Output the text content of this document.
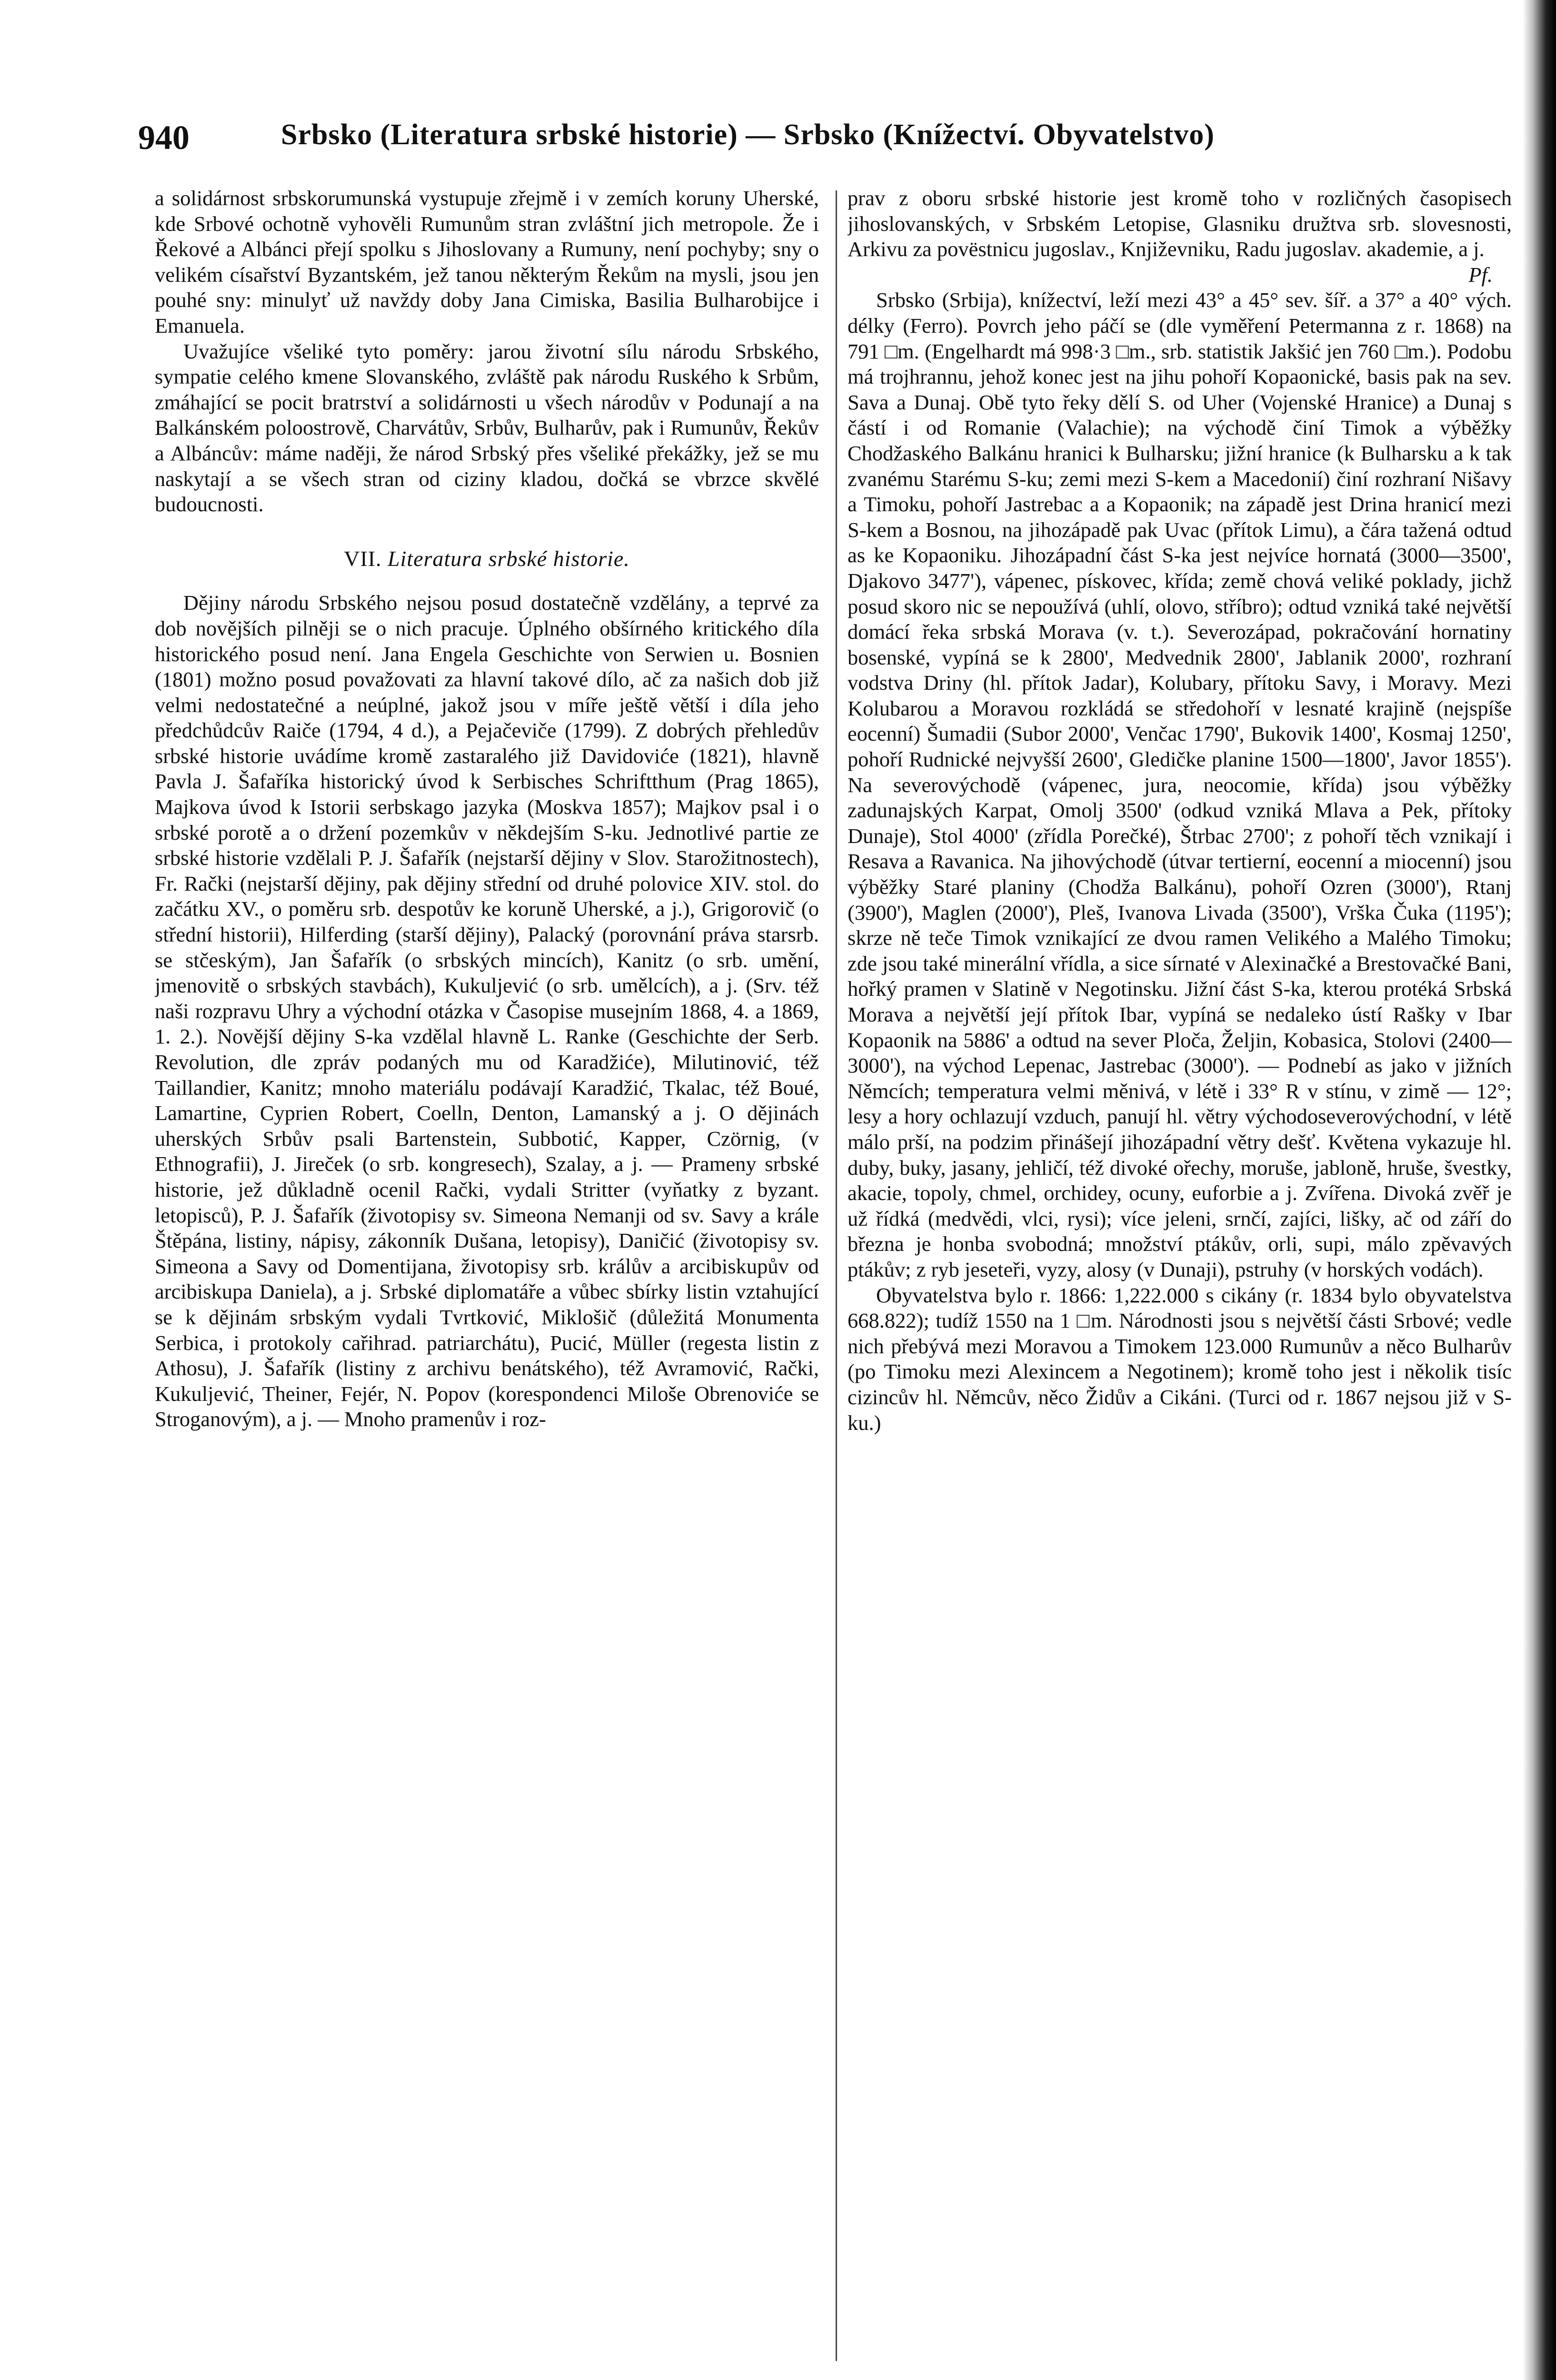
940	Srbsko (Literatura srbské historie) — Srbsko (Knížectví. Obyvatelstvo)

a solidárnost srbskorumunská vystupuje zřejmě i v zemích koruny Uherské, kde Srbové ochotně vyhověli Rumunům stran zvláštní jich metropole. Že i Řekové a Albánci přejí spolku s Jihoslovany a Rumuny, není pochyby; sny o velikém císařství Byzantském, jež tanou některým Řekům na mysli, jsou jen pouhé sny: minulyť už navždy doby Jana Cimiska, Basilia Bulharobijce i Emanuela.

Uvažujíce všeliké tyto poměry: jarou životní sílu národu Srbského, sympatie celého kmene Slovanského, zvláště pak národu Ruského k Srbům, zmáhající se pocit bratrství a solidárnosti u všech národův v Podunají a na Balkánském poloostrově, Charvátův, Srbův, Bulharův, pak i Rumunův, Řekův a Albáncův: máme naději, že národ Srbský přes všeliké překážky, jež se mu naskytají a se všech stran od ciziny kladou, dočká se vbrzce skvělé budoucnosti.

VII. Literatura srbské historie.

Dějiny národu Srbského nejsou posud dostatečně vzdělány, a teprvé za dob novějších pilněji se o nich pracuje. Úplného obšírného kritického díla historického posud není. Jana Engela Geschichte von Serwien u. Bosnien (1801) možno posud považovati za hlavní takové dílo, ač za našich dob již velmi nedostatečné a neúplné, jakož jsou v míře ještě větší i díla jeho předchůdcův Raiče (1794, 4 d.), a Pejačeviče (1799). Z dobrých přehledův srbské historie uvádíme kromě zastaralého již Davidoviće (1821), hlavně Pavla J. Šafaříka historický úvod k Serbisches Schriftthum (Prag 1865), Majkova úvod k Istorii serbskago jazyka (Moskva 1857); Majkov psal i o srbské porotě a o držení pozemkův v někdejším S-ku. Jednotlivé partie ze srbské historie vzdělali P. J. Šafařík (nejstarší dějiny v Slov. Starožitnostech), Fr. Rački (nejstarší dějiny, pak dějiny střední od druhé polovice XIV. stol. do začátku XV., o poměru srb. despotův ke koruně Uherské, a j.), Grigorovič (o střední historii), Hilferding (starší dějiny), Palacký (porovnání práva starsrb. se stčeským), Jan Šafařík (o srbských mincích), Kanitz (o srb. umění, jmenovitě o srbských stavbách), Kukuljević (o srb. umělcích), a j. (Srv. též naši rozpravu Uhry a východní otázka v Časopise musejním 1868, 4. a 1869, 1. 2.). Novější dějiny S-ka vzdělal hlavně L. Ranke (Geschichte der Serb. Revolution, dle zpráv podaných mu od Karadžiće), Milutinović, též Taillandier, Kanitz; mnoho materiálu podávají Karadžić, Tkalac, též Boué, Lamartine, Cyprien Robert, Coelln, Denton, Lamanský a j. O dějinách uherských Srbův psali Bartenstein, Subbotić, Kapper, Czörnig, (v Ethnografii), J. Jireček (o srb. kongresech), Szalay, a j. — Prameny srbské historie, jež důkladně ocenil Rački, vydali Stritter (vyňatky z byzant. letopisců), P. J. Šafařík (životopisy sv. Simeona Nemanji od sv. Savy a krále Štěpána, listiny, nápisy, zákonník Dušana, letopisy), Daničić (životopisy sv. Simeona a Savy od Domentijana, životopisy srb. králův a arcibiskupův od arcibiskupa Daniela), a j. Srbské diplomatáře a vůbec sbírky listin vztahující se k dějinám srbským vydali Tvrtković, Miklošič (důležitá Monumenta Serbica, i protokoly cařihrad. patriarchátu), Pucić, Müller (regesta listin z Athosu), J. Šafařík (listiny z archivu benátského), též Avramović, Rački, Kukuljević, Theiner, Fejér, N. Popov (korespondenci Miloše Obrenoviće se Stroganovým), a j. — Mnoho pramenův i roz-

prav z oboru srbské historie jest kromě toho v rozličných časopisech jihoslovanských, v Srbském Letopise, Glasniku družtva srb. slovesnosti, Arkivu za povëstnicu jugoslav., Književniku, Radu jugoslav. akademie, a j.

Pf.

Srbsko (Srbija), knížectví, leží mezi 43° a 45° sev. šíř. a 37° a 40° vých. délky (Ferro). Povrch jeho páčí se (dle vyměření Petermanna z r. 1868) na 791 □m. (Engelhardt má 998·3 □m., srb. statistik Jakšić jen 760 □m.). Podobu má trojhrannu, jehož konec jest na jihu pohoří Kopaonické, basis pak na sev. Sava a Dunaj. Obě tyto řeky dělí S. od Uher (Vojenské Hranice) a Dunaj s částí i od Romanie (Valachie); na východě činí Timok a výběžky Chodžaského Balkánu hranici k Bulharsku; jižní hranice (k Bulharsku a k tak zvanému Starému S-ku; zemi mezi S-kem a Macedonií) činí rozhraní Nišavy a Timoku, pohoří Jastrebac a a Kopaonik; na západě jest Drina hranicí mezi S-kem a Bosnou, na jihozápadě pak Uvac (přítok Limu), a čára tažená odtud as ke Kopaoniku. Jihozápadní část S-ka jest nejvíce hornatá (3000—3500', Djakovo 3477'), vápenec, pískovec, křída; země chová veliké poklady, jichž posud skoro nic se nepoužívá (uhlí, olovo, stříbro); odtud vzniká také největší domácí řeka srbská Morava (v. t.). Severozápad, pokračování hornatiny bosenské, vypíná se k 2800', Medvednik 2800', Jablanik 2000', rozhraní vodstva Driny (hl. přítok Jadar), Kolubary, přítoku Savy, i Moravy. Mezi Kolubarou a Moravou rozkládá se středohoří v lesnaté krajině (nejspíše eocenní) Šumadii (Subor 2000', Venčac 1790', Bukovik 1400', Kosmaj 1250', pohoří Rudnické nejvyšší 2600', Gledičke planine 1500—1800', Javor 1855'). Na severovýchodě (vápenec, jura, neocomie, křída) jsou výběžky zadunajských Karpat, Omolj 3500' (odkud vzniká Mlava a Pek, přítoky Dunaje), Stol 4000' (zřídla Porečké), Štrbac 2700'; z pohoří těch vznikají i Resava a Ravanica. Na jihovýchodě (útvar tertierní, eocenní a miocenní) jsou výběžky Staré planiny (Chodža Balkánu), pohoří Ozren (3000'), Rtanj (3900'), Maglen (2000'), Pleš, Ivanova Livada (3500'), Vrška Čuka (1195'); skrze ně teče Timok vznikající ze dvou ramen Velikého a Malého Timoku; zde jsou také minerální vřídla, a sice sírnaté v Alexinačké a Brestovačké Bani, hořký pramen v Slatině v Negotinsku. Jižní část S-ka, kterou protéká Srbská Morava a největší její přítok Ibar, vypíná se nedaleko ústí Rašky v Ibar Kopaonik na 5886' a odtud na sever Ploča, Željin, Kobasica, Stolovi (2400—3000'), na východ Lepenac, Jastrebac (3000'). — Podnebí as jako v jižních Němcích; temperatura velmi měnivá, v létě i 33° R v stínu, v zimě — 12°; lesy a hory ochlazují vzduch, panují hl. větry východoseverovýchodní, v létě málo prší, na podzim přinášejí jihozápadní větry dešť. Květena vykazuje hl. duby, buky, jasany, jehličí, též divoké ořechy, moruše, jabloně, hruše, švestky, akacie, topoly, chmel, orchidey, ocuny, euforbie a j. Zvířena. Divoká zvěř je už řídká (medvědi, vlci, rysi); více jeleni, srnčí, zajíci, lišky, ač od září do března je honba svobodná; množství ptákův, orli, supi, málo zpěvavých ptákův; z ryb jeseteři, vyzy, alosy (v Dunaji), pstruhy (v horských vodách).

Obyvatelstva bylo r. 1866: 1,222.000 s cikány (r. 1834 bylo obyvatelstva 668.822); tudíž 1550 na 1 □m. Národnosti jsou s největší části Srbové; vedle nich přebývá mezi Moravou a Timokem 123.000 Rumunův a něco Bulharův (po Timoku mezi Alexincem a Negotinem); kromě toho jest i několik tisíc cizincův hl. Němcův, něco Židův a Cikáni. (Turci od r. 1867 nejsou již v S-ku.)
